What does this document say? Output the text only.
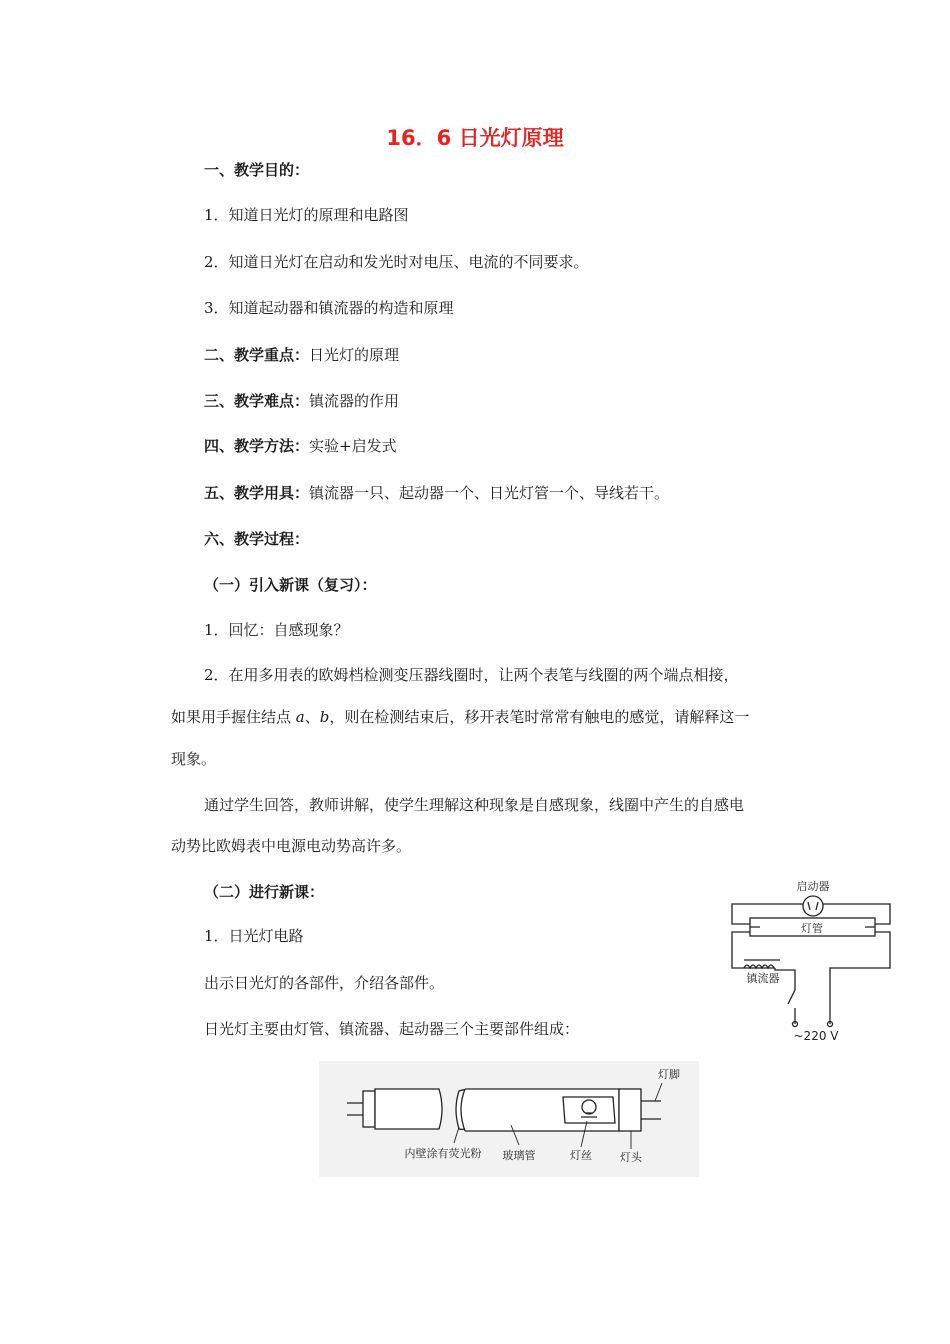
16．6 日光灯原理
一、教学目的：
1．知道日光灯的原理和电路图
2．知道日光灯在启动和发光时对电压、电流的不同要求。
3．知道起动器和镇流器的构造和原理
二、教学重点：日光灯的原理
三、教学难点：镇流器的作用
四、教学方法：实验+启发式
五、教学用具：镇流器一只、起动器一个、日光灯管一个、导线若干。
六、教学过程：
（一）引入新课（复习）：
1．回忆：自感现象？
2．在用多用表的欧姆档检测变压器线圈时，让两个表笔与线圈的两个端点相接，
如果用手握住结点 a、b，则在检测结束后，移开表笔时常常有触电的感觉，请解释这一
现象。
通过学生回答，教师讲解，使学生理解这种现象是自感现象，线圈中产生的自感电
动势比欧姆表中电源电动势高许多。
（二）进行新课：
1．日光灯电路
出示日光灯的各部件，介绍各部件。
日光灯主要由灯管、镇流器、起动器三个主要部件组成：
启动器
灯管
镇流器
~220 V
灯脚
内壁涂有荧光粉 玻璃管	灯丝	灯头
